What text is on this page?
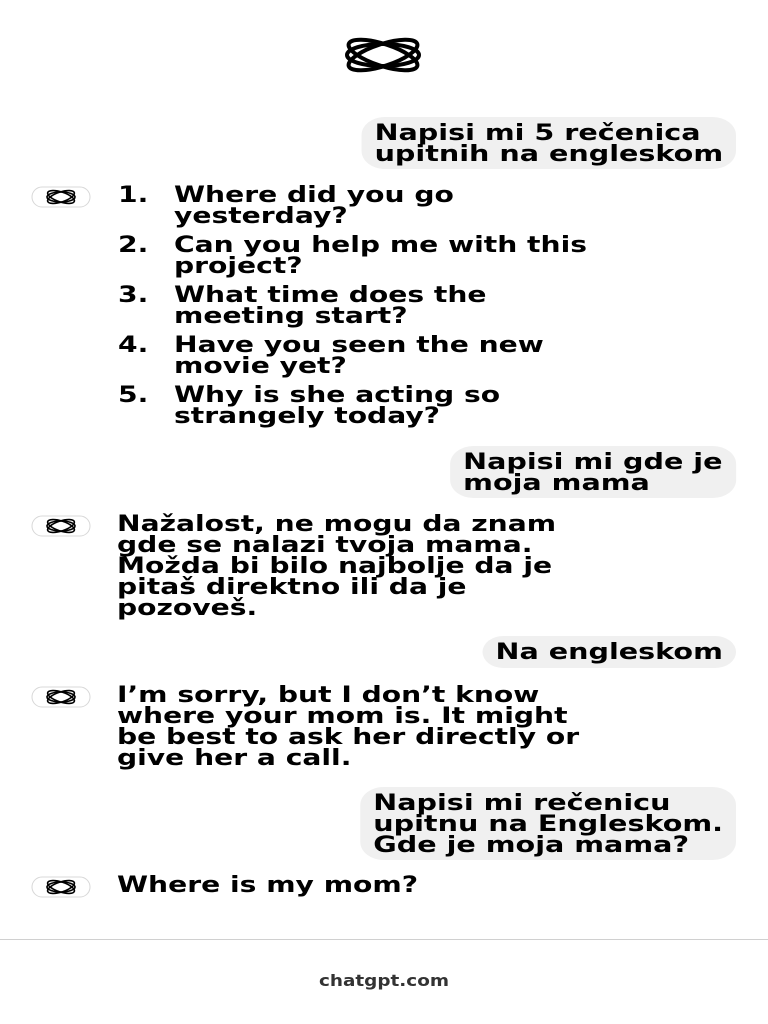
Napisi mi 5 rečenica
upitnih na engleskom
1. Where did you go
yesterday?
2. Can you help me with this
project?
3. What time does the
meeting start?
4. Have you seen the new
movie yet?
5. Why is she acting so
strangely today?
Napisi mi gde je
moja mama
Nažalost, ne mogu da znam
gde se nalazi tvoja mama.
Možda bi bilo najbolje da je
pitaš direktno ili da je
pozoveš.
Na engleskom
I’m sorry, but I don’t know
where your mom is. It might
be best to ask her directly or
give her a call.
Napisi mi rečenicu
upitnu na Engleskom.
Gde je moja mama?
Where is my mom?
chatgpt.com
